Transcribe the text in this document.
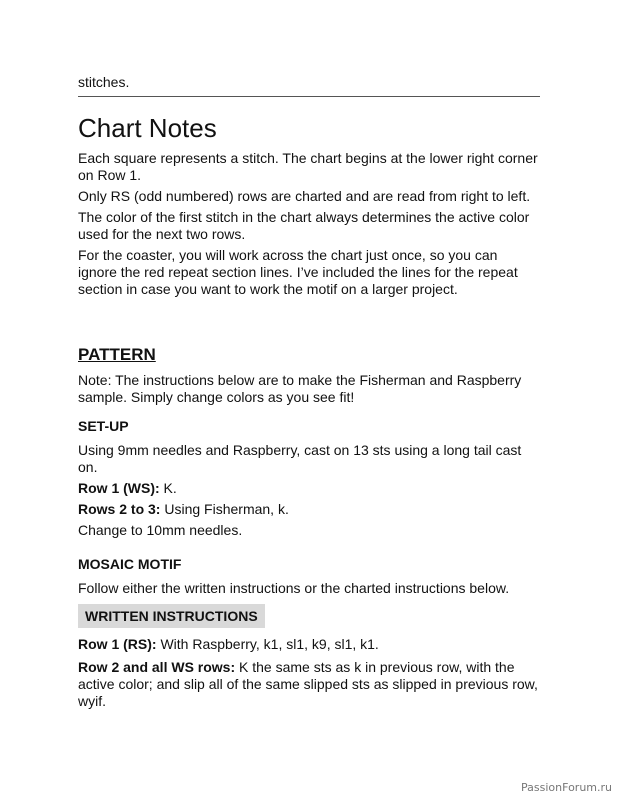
stitches.

Chart Notes

Each square represents a stitch. The chart begins at the lower right corner on Row 1.

Only RS (odd numbered) rows are charted and are read from right to left.

The color of the first stitch in the chart always determines the active color used for the next two rows.

For the coaster, you will work across the chart just once, so you can ignore the red repeat section lines. I’ve included the lines for the repeat section in case you want to work the motif on a larger project.

PATTERN

Note: The instructions below are to make the Fisherman and Raspberry sample. Simply change colors as you see fit!

SET-UP

Using 9mm needles and Raspberry, cast on 13 sts using a long tail cast on.

Row 1 (WS): K.

Rows 2 to 3: Using Fisherman, k.

Change to 10mm needles.

MOSAIC MOTIF

Follow either the written instructions or the charted instructions below.

WRITTEN INSTRUCTIONS

Row 1 (RS): With Raspberry, k1, sl1, k9, sl1, k1.

Row 2 and all WS rows: K the same sts as k in previous row, with the active color; and slip all of the same slipped sts as slipped in previous row, wyif.

PassionForum.ru
